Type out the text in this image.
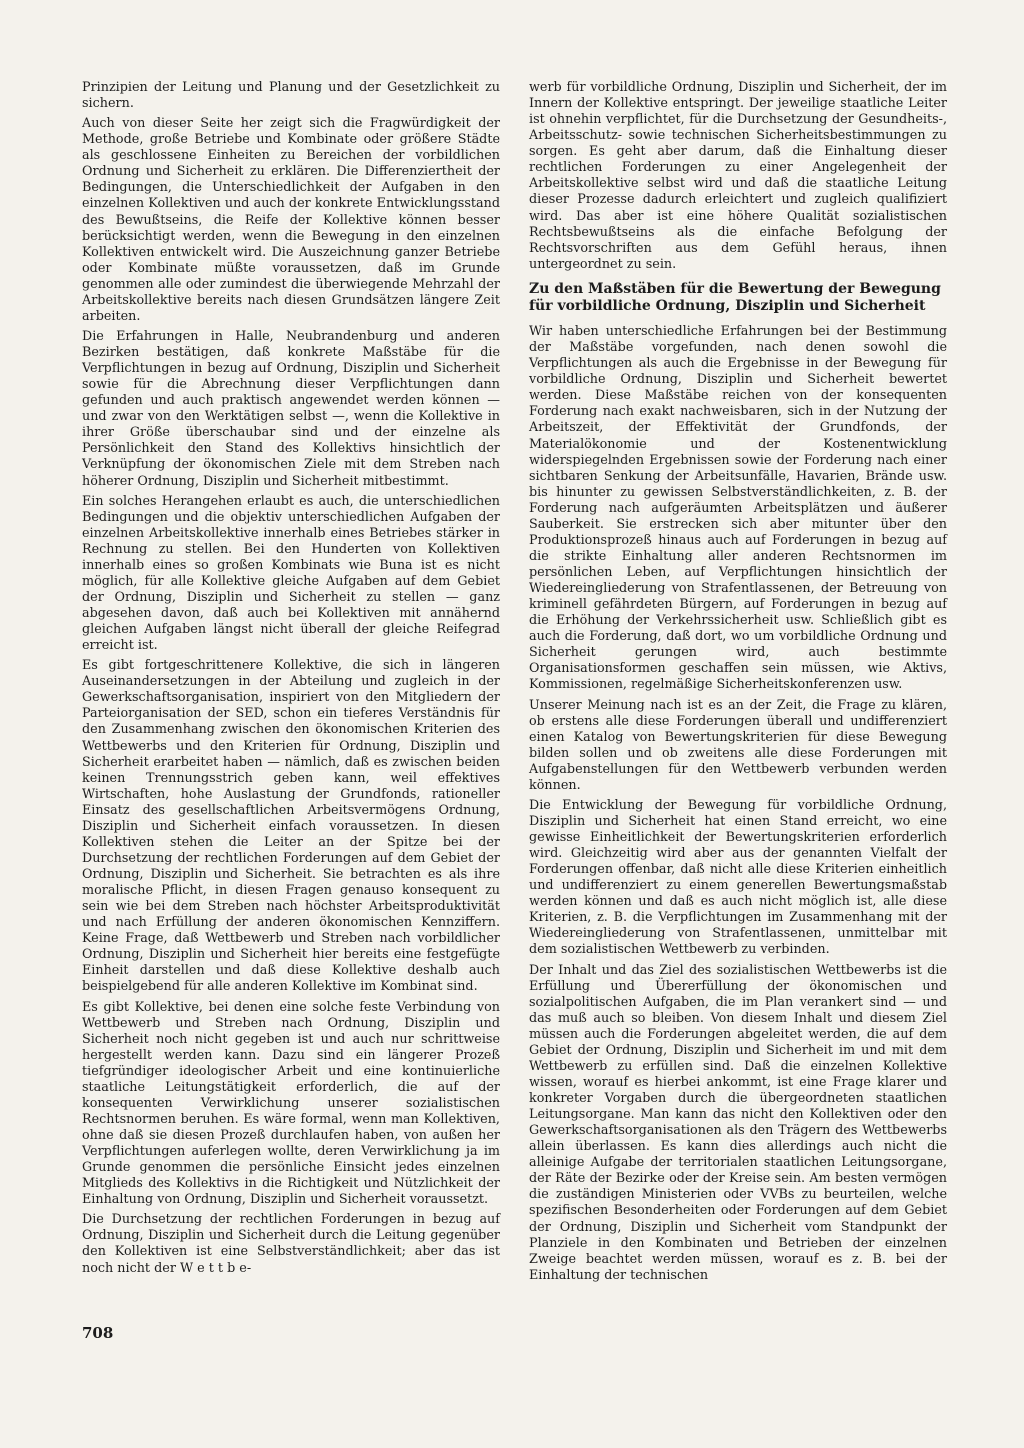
Prinzipien der Leitung und Planung und der Gesetzlichkeit zu sichern.

Auch von dieser Seite her zeigt sich die Fragwürdigkeit der Methode, große Betriebe und Kombinate oder größere Städte als geschlossene Einheiten zu Bereichen der vorbildlichen Ordnung und Sicherheit zu erklären. Die Differenziertheit der Bedingungen, die Unterschiedlichkeit der Aufgaben in den einzelnen Kollektiven und auch der konkrete Entwicklungsstand des Bewußtseins, die Reife der Kollektive können besser berücksichtigt werden, wenn die Bewegung in den einzelnen Kollektiven entwickelt wird. Die Auszeichnung ganzer Betriebe oder Kombinate müßte voraussetzen, daß im Grunde genommen alle oder zumindest die überwiegende Mehrzahl der Arbeitskollektive bereits nach diesen Grundsätzen längere Zeit arbeiten.

Die Erfahrungen in Halle, Neubrandenburg und anderen Bezirken bestätigen, daß konkrete Maßstäbe für die Verpflichtungen in bezug auf Ordnung, Disziplin und Sicherheit sowie für die Abrechnung dieser Verpflichtungen dann gefunden und auch praktisch angewendet werden können — und zwar von den Werktätigen selbst —, wenn die Kollektive in ihrer Größe überschaubar sind und der einzelne als Persönlichkeit den Stand des Kollektivs hinsichtlich der Verknüpfung der ökonomischen Ziele mit dem Streben nach höherer Ordnung, Disziplin und Sicherheit mitbestimmt.

Ein solches Herangehen erlaubt es auch, die unterschiedlichen Bedingungen und die objektiv unterschiedlichen Aufgaben der einzelnen Arbeitskollektive innerhalb eines Betriebes stärker in Rechnung zu stellen. Bei den Hunderten von Kollektiven innerhalb eines so großen Kombinats wie Buna ist es nicht möglich, für alle Kollektive gleiche Aufgaben auf dem Gebiet der Ordnung, Disziplin und Sicherheit zu stellen — ganz abgesehen davon, daß auch bei Kollektiven mit annähernd gleichen Aufgaben längst nicht überall der gleiche Reifegrad erreicht ist.

Es gibt fortgeschrittenere Kollektive, die sich in längeren Auseinandersetzungen in der Abteilung und zugleich in der Gewerkschaftsorganisation, inspiriert von den Mitgliedern der Parteiorganisation der SED, schon ein tieferes Verständnis für den Zusammenhang zwischen den ökonomischen Kriterien des Wettbewerbs und den Kriterien für Ordnung, Disziplin und Sicherheit erarbeitet haben — nämlich, daß es zwischen beiden keinen Trennungsstrich geben kann, weil effektives Wirtschaften, hohe Auslastung der Grundfonds, rationeller Einsatz des gesellschaftlichen Arbeitsvermögens Ordnung, Disziplin und Sicherheit einfach voraussetzen. In diesen Kollektiven stehen die Leiter an der Spitze bei der Durchsetzung der rechtlichen Forderungen auf dem Gebiet der Ordnung, Disziplin und Sicherheit. Sie betrachten es als ihre moralische Pflicht, in diesen Fragen genauso konsequent zu sein wie bei dem Streben nach höchster Arbeitsproduktivität und nach Erfüllung der anderen ökonomischen Kennziffern. Keine Frage, daß Wettbewerb und Streben nach vorbildlicher Ordnung, Disziplin und Sicherheit hier bereits eine festgefügte Einheit darstellen und daß diese Kollektive deshalb auch beispielgebend für alle anderen Kollektive im Kombinat sind.

Es gibt Kollektive, bei denen eine solche feste Verbindung von Wettbewerb und Streben nach Ordnung, Disziplin und Sicherheit noch nicht gegeben ist und auch nur schrittweise hergestellt werden kann. Dazu sind ein längerer Prozeß tiefgründiger ideologischer Arbeit und eine kontinuierliche staatliche Leitungstätigkeit erforderlich, die auf der konsequenten Verwirklichung unserer sozialistischen Rechtsnormen beruhen. Es wäre formal, wenn man Kollektiven, ohne daß sie diesen Prozeß durchlaufen haben, von außen her Verpflichtungen auferlegen wollte, deren Verwirklichung ja im Grunde genommen die persönliche Einsicht jedes einzelnen Mitglieds des Kollektivs in die Richtigkeit und Nützlichkeit der Einhaltung von Ordnung, Disziplin und Sicherheit voraussetzt.

Die Durchsetzung der rechtlichen Forderungen in bezug auf Ordnung, Disziplin und Sicherheit durch die Leitung gegenüber den Kollektiven ist eine Selbstverständlichkeit; aber das ist noch nicht der W e t t b e-

werb für vorbildliche Ordnung, Disziplin und Sicherheit, der im Innern der Kollektive entspringt. Der jeweilige staatliche Leiter ist ohnehin verpflichtet, für die Durchsetzung der Gesundheits-, Arbeitsschutz- sowie technischen Sicherheitsbestimmungen zu sorgen. Es geht aber darum, daß die Einhaltung dieser rechtlichen Forderungen zu einer Angelegenheit der Arbeitskollektive selbst wird und daß die staatliche Leitung dieser Prozesse dadurch erleichtert und zugleich qualifiziert wird. Das aber ist eine höhere Qualität sozialistischen Rechtsbewußtseins als die einfache Befolgung der Rechtsvorschriften aus dem Gefühl heraus, ihnen untergeordnet zu sein.

Zu den Maßstäben für die Bewertung der Bewegung für vorbildliche Ordnung, Disziplin und Sicherheit

Wir haben unterschiedliche Erfahrungen bei der Bestimmung der Maßstäbe vorgefunden, nach denen sowohl die Verpflichtungen als auch die Ergebnisse in der Bewegung für vorbildliche Ordnung, Disziplin und Sicherheit bewertet werden. Diese Maßstäbe reichen von der konsequenten Forderung nach exakt nachweisbaren, sich in der Nutzung der Arbeitszeit, der Effektivität der Grundfonds, der Materialökonomie und der Kostenentwicklung widerspiegelnden Ergebnissen sowie der Forderung nach einer sichtbaren Senkung der Arbeitsunfälle, Havarien, Brände usw. bis hinunter zu gewissen Selbstverständlichkeiten, z. B. der Forderung nach aufgeräumten Arbeitsplätzen und äußerer Sauberkeit. Sie erstrecken sich aber mitunter über den Produktionsprozeß hinaus auch auf Forderungen in bezug auf die strikte Einhaltung aller anderen Rechtsnormen im persönlichen Leben, auf Verpflichtungen hinsichtlich der Wiedereingliederung von Strafentlassenen, der Betreuung von kriminell gefährdeten Bürgern, auf Forderungen in bezug auf die Erhöhung der Verkehrssicherheit usw. Schließlich gibt es auch die Forderung, daß dort, wo um vorbildliche Ordnung und Sicherheit gerungen wird, auch bestimmte Organisationsformen geschaffen sein müssen, wie Aktivs, Kommissionen, regelmäßige Sicherheitskonferenzen usw.

Unserer Meinung nach ist es an der Zeit, die Frage zu klären, ob erstens alle diese Forderungen überall und undifferenziert einen Katalog von Bewertungskriterien für diese Bewegung bilden sollen und ob zweitens alle diese Forderungen mit Aufgabenstellungen für den Wettbewerb verbunden werden können.

Die Entwicklung der Bewegung für vorbildliche Ordnung, Disziplin und Sicherheit hat einen Stand erreicht, wo eine gewisse Einheitlichkeit der Bewertungskriterien erforderlich wird. Gleichzeitig wird aber aus der genannten Vielfalt der Forderungen offenbar, daß nicht alle diese Kriterien einheitlich und undifferenziert zu einem generellen Bewertungsmaßstab werden können und daß es auch nicht möglich ist, alle diese Kriterien, z. B. die Verpflichtungen im Zusammenhang mit der Wiedereingliederung von Strafentlassenen, unmittelbar mit dem sozialistischen Wettbewerb zu verbinden.

Der Inhalt und das Ziel des sozialistischen Wettbewerbs ist die Erfüllung und Übererfüllung der ökonomischen und sozialpolitischen Aufgaben, die im Plan verankert sind — und das muß auch so bleiben. Von diesem Inhalt und diesem Ziel müssen auch die Forderungen abgeleitet werden, die auf dem Gebiet der Ordnung, Disziplin und Sicherheit im und mit dem Wettbewerb zu erfüllen sind. Daß die einzelnen Kollektive wissen, worauf es hierbei ankommt, ist eine Frage klarer und konkreter Vorgaben durch die übergeordneten staatlichen Leitungsorgane. Man kann das nicht den Kollektiven oder den Gewerkschaftsorganisationen als den Trägern des Wettbewerbs allein überlassen. Es kann dies allerdings auch nicht die alleinige Aufgabe der territorialen staatlichen Leitungsorgane, der Räte der Bezirke oder der Kreise sein. Am besten vermögen die zuständigen Ministerien oder VVBs zu beurteilen, welche spezifischen Besonderheiten oder Forderungen auf dem Gebiet der Ordnung, Disziplin und Sicherheit vom Standpunkt der Planziele in den Kombinaten und Betrieben der einzelnen Zweige beachtet werden müssen, worauf es z. B. bei der Einhaltung der technischen

708
